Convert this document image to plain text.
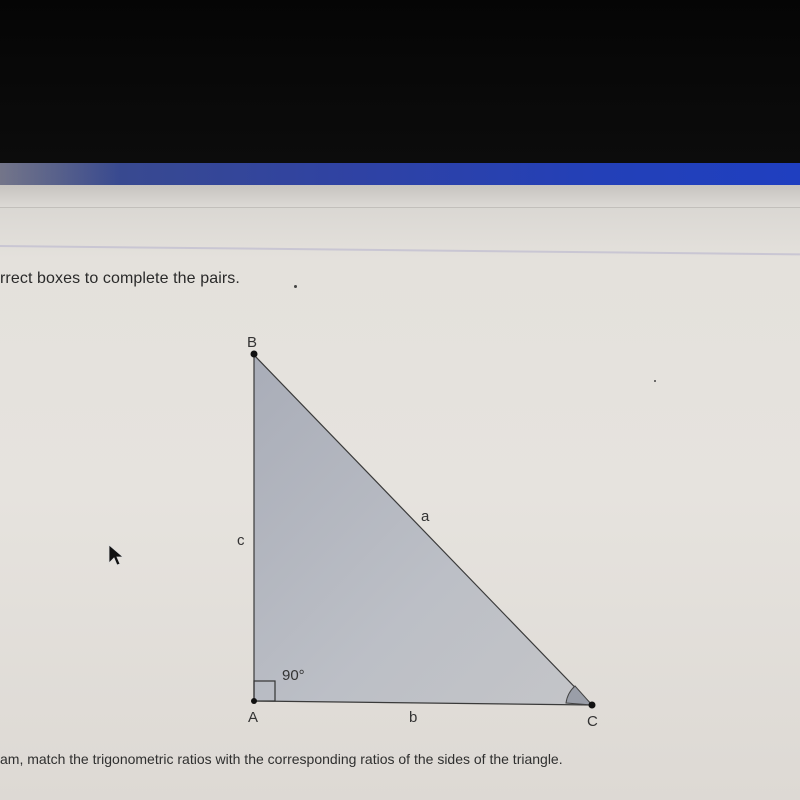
rrect boxes to complete the pairs.
B
A	C
a
b
c
90°
am, match the trigonometric ratios with the corresponding ratios of the sides of the triangle.
